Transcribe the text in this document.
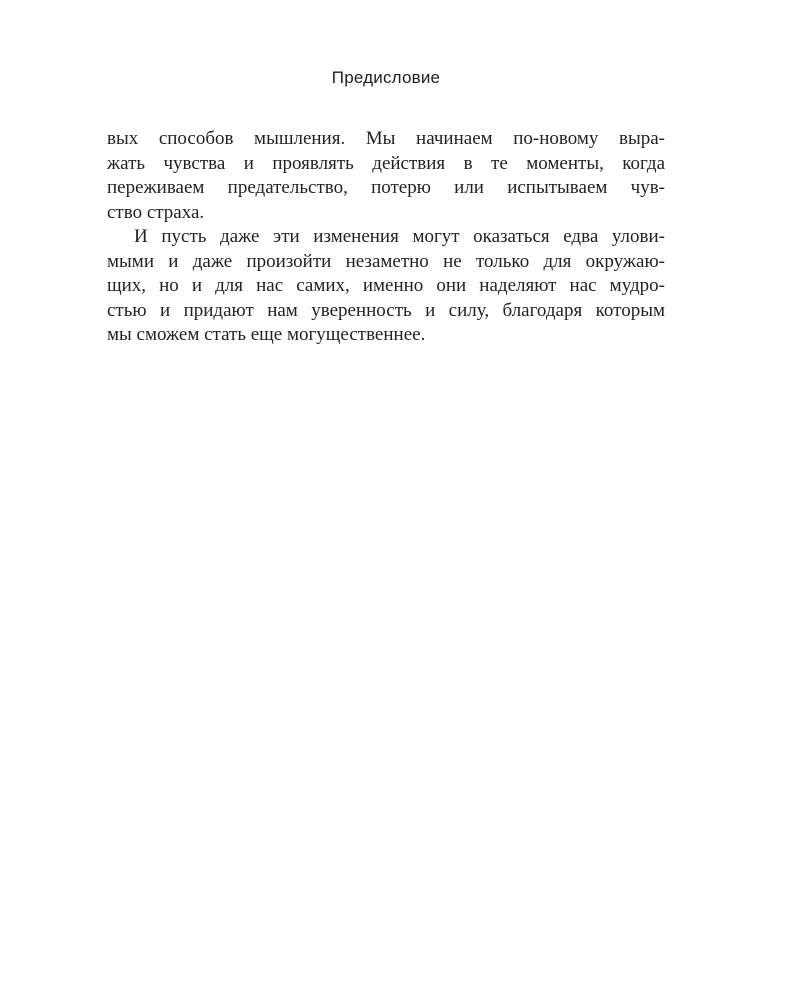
Предисловие
вых способов мышления. Мы начинаем по-новому выра-
жать чувства и проявлять действия в те моменты, когда
переживаем предательство, потерю или испытываем чув-
ство страха.
И пусть даже эти изменения могут оказаться едва улови-
мыми и даже произойти незаметно не только для окружаю-
щих, но и для нас самих, именно они наделяют нас мудро-
стью и придают нам уверенность и силу, благодаря которым
мы сможем стать еще могущественнее.
